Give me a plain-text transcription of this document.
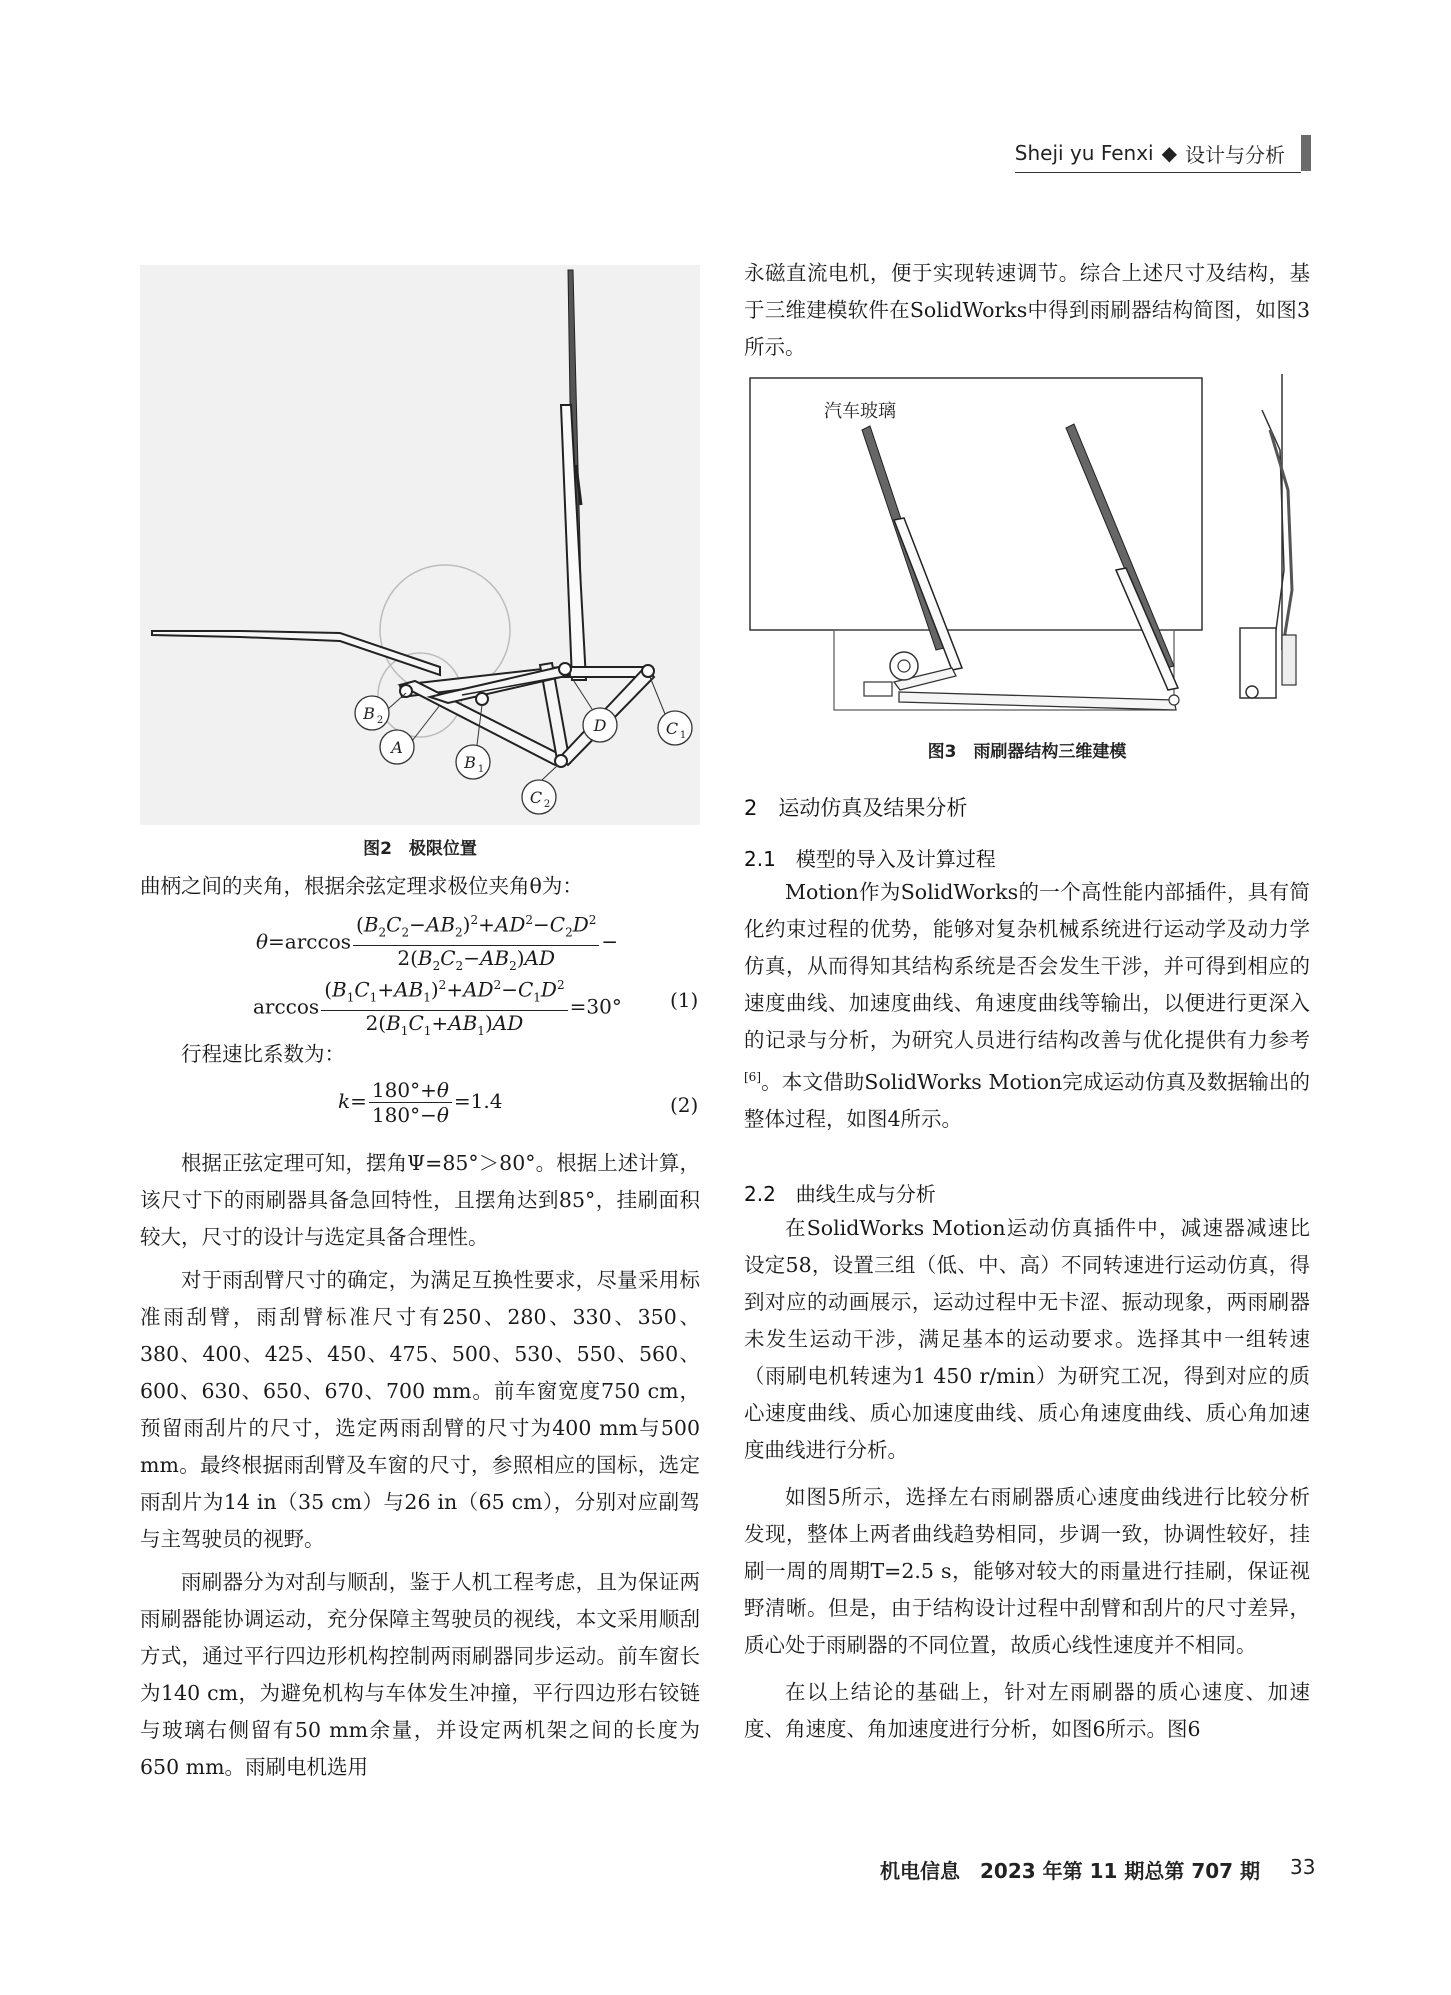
Sheji yu Fenxi ◆ 设计与分析
B 2
A
B 1
C 2
D	C 1
图2　极限位置

曲柄之间的夹角，根据余弦定理求极位夹角θ为：

$\theta=\arccos \frac{(B_2C_2-AB_2)^2+AD^2-C_2D^2}{2(B_2C_2-AB_2)AD}$ −
$\arccos \frac{(B_1C_1+AB_1)^2+AD^2-C_1D^2}{2(B_1C_1+AB_1)AD} =30^\circ$ (1)

行程速比系数为：

$k= \frac{180^\circ+\theta}{180^\circ-\theta} =1.4$	(2)

根据正弦定理可知，摆角Ψ=85°＞80°。根据上述计算，该尺寸下的雨刷器具备急回特性，且摆角达到85°，挂刷面积较大，尺寸的设计与选定具备合理性。

对于雨刮臂尺寸的确定，为满足互换性要求，尽量采用标准雨刮臂，雨刮臂标准尺寸有250、280、330、350、380、400、425、450、475、500、530、550、560、600、630、650、670、700 mm。前车窗宽度750 cm，预留雨刮片的尺寸，选定两雨刮臂的尺寸为400 mm与500 mm。最终根据雨刮臂及车窗的尺寸，参照相应的国标，选定雨刮片为14 in（35 cm）与26 in（65 cm），分别对应副驾与主驾驶员的视野。

雨刷器分为对刮与顺刮，鉴于人机工程考虑，且为保证两雨刷器能协调运动，充分保障主驾驶员的视线，本文采用顺刮方式，通过平行四边形机构控制两雨刷器同步运动。前车窗长为140 cm，为避免机构与车体发生冲撞，平行四边形右铰链与玻璃右侧留有50 mm余量，并设定两机架之间的长度为650 mm。雨刷电机选用

永磁直流电机，便于实现转速调节。综合上述尺寸及结构，基于三维建模软件在SolidWorks中得到雨刷器结构简图，如图3所示。

汽车玻璃
图3　雨刷器结构三维建模
2　运动仿真及结果分析
2.1　模型的导入及计算过程

Motion作为SolidWorks的一个高性能内部插件，具有简化约束过程的优势，能够对复杂机械系统进行运动学及动力学仿真，从而得知其结构系统是否会发生干涉，并可得到相应的速度曲线、加速度曲线、角速度曲线等输出，以便进行更深入的记录与分析，为研究人员进行结构改善与优化提供有力参考[6]。本文借助SolidWorks Motion完成运动仿真及数据输出的整体过程，如图4所示。

2.2　曲线生成与分析

在SolidWorks Motion运动仿真插件中，减速器减速比设定58，设置三组（低、中、高）不同转速进行运动仿真，得到对应的动画展示，运动过程中无卡涩、振动现象，两雨刷器未发生运动干涉，满足基本的运动要求。选择其中一组转速（雨刷电机转速为1 450 r/min）为研究工况，得到对应的质心速度曲线、质心加速度曲线、质心角速度曲线、质心角加速度曲线进行分析。

如图5所示，选择左右雨刷器质心速度曲线进行比较分析发现，整体上两者曲线趋势相同，步调一致，协调性较好，挂刷一周的周期T=2.5 s，能够对较大的雨量进行挂刷，保证视野清晰。但是，由于结构设计过程中刮臂和刮片的尺寸差异，质心处于雨刷器的不同位置，故质心线性速度并不相同。

在以上结论的基础上，针对左雨刷器的质心速度、加速度、角速度、角加速度进行分析，如图6所示。图6

机电信息　2023 年第 11 期总第 707 期 33
